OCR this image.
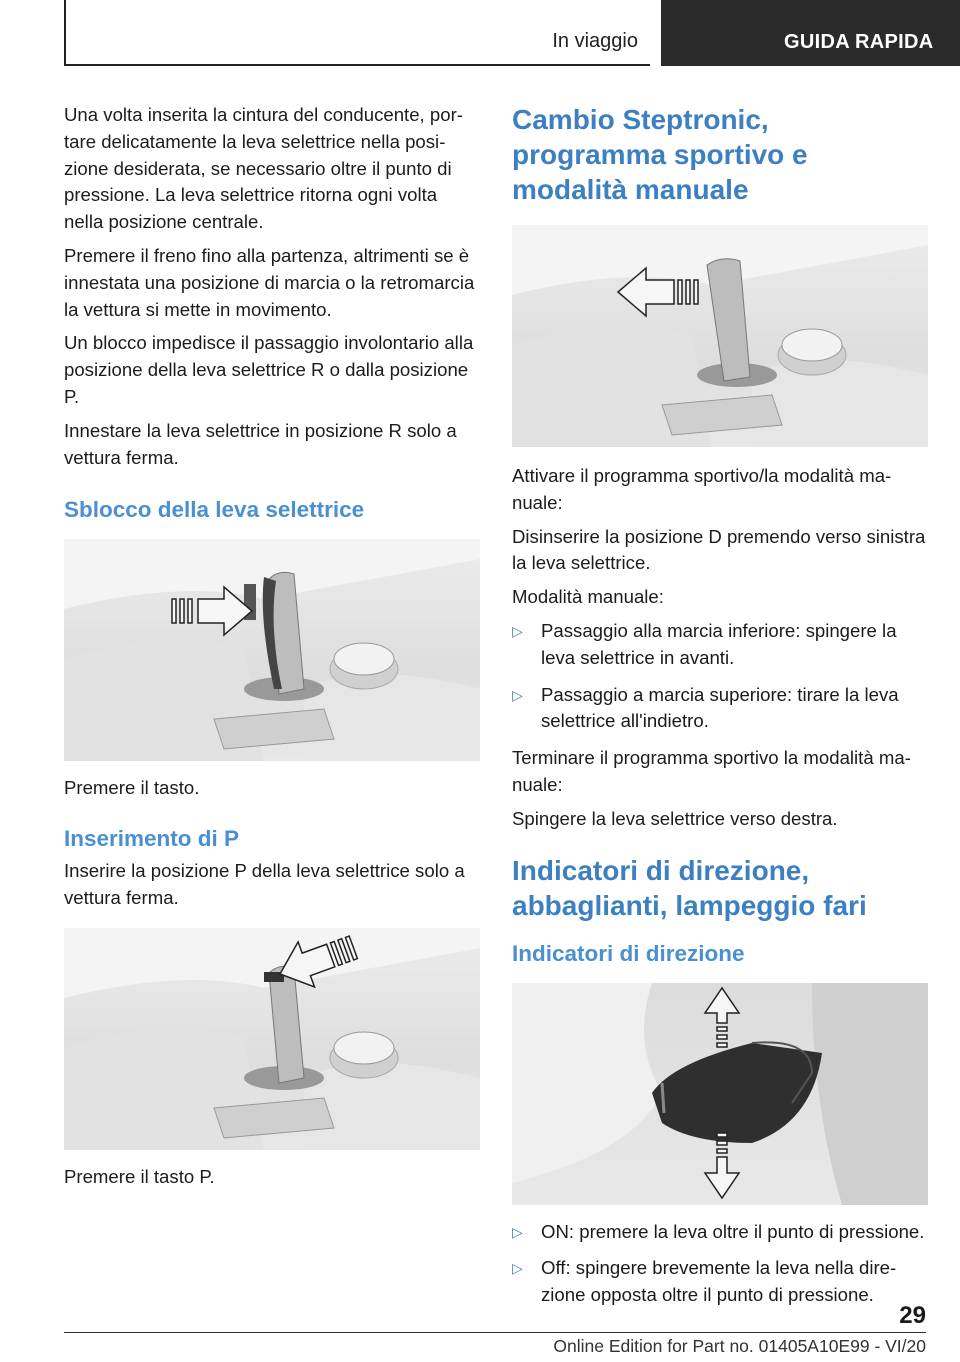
In viaggio	GUIDA RAPIDA

Una volta inserita la cintura del conducente, portare delicatamente la leva selettrice nella posizione desiderata, se necessario oltre il punto di pressione. La leva selettrice ritorna ogni volta nella posizione centrale.

Premere il freno fino alla partenza, altrimenti se è innestata una posizione di marcia o la retromarcia la vettura si mette in movimento.

Un blocco impedisce il passaggio involontario alla posizione della leva selettrice R o dalla posizione P.

Innestare la leva selettrice in posizione R solo a vettura ferma.

Sblocco della leva selettrice

Premere il tasto.

Inserimento di P

Inserire la posizione P della leva selettrice solo a vettura ferma.

Premere il tasto P.

Cambio Steptronic, programma sportivo e modalità manuale

Attivare il programma sportivo/la modalità manuale:

Disinserire la posizione D premendo verso sinistra la leva selettrice.

Modalità manuale:

▷ Passaggio alla marcia inferiore: spingere la leva selettrice in avanti.
▷ Passaggio a marcia superiore: tirare la leva selettrice all'indietro.

Terminare il programma sportivo la modalità manuale:

Spingere la leva selettrice verso destra.

Indicatori di direzione, abbaglianti, lampeggio fari
Indicatori di direzione
▷ ON: premere la leva oltre il punto di pressione.
▷ Off: spingere brevemente la leva nella direzione opposta oltre il punto di pressione.
29
Online Edition for Part no. 01405A10E99 - VI/20
